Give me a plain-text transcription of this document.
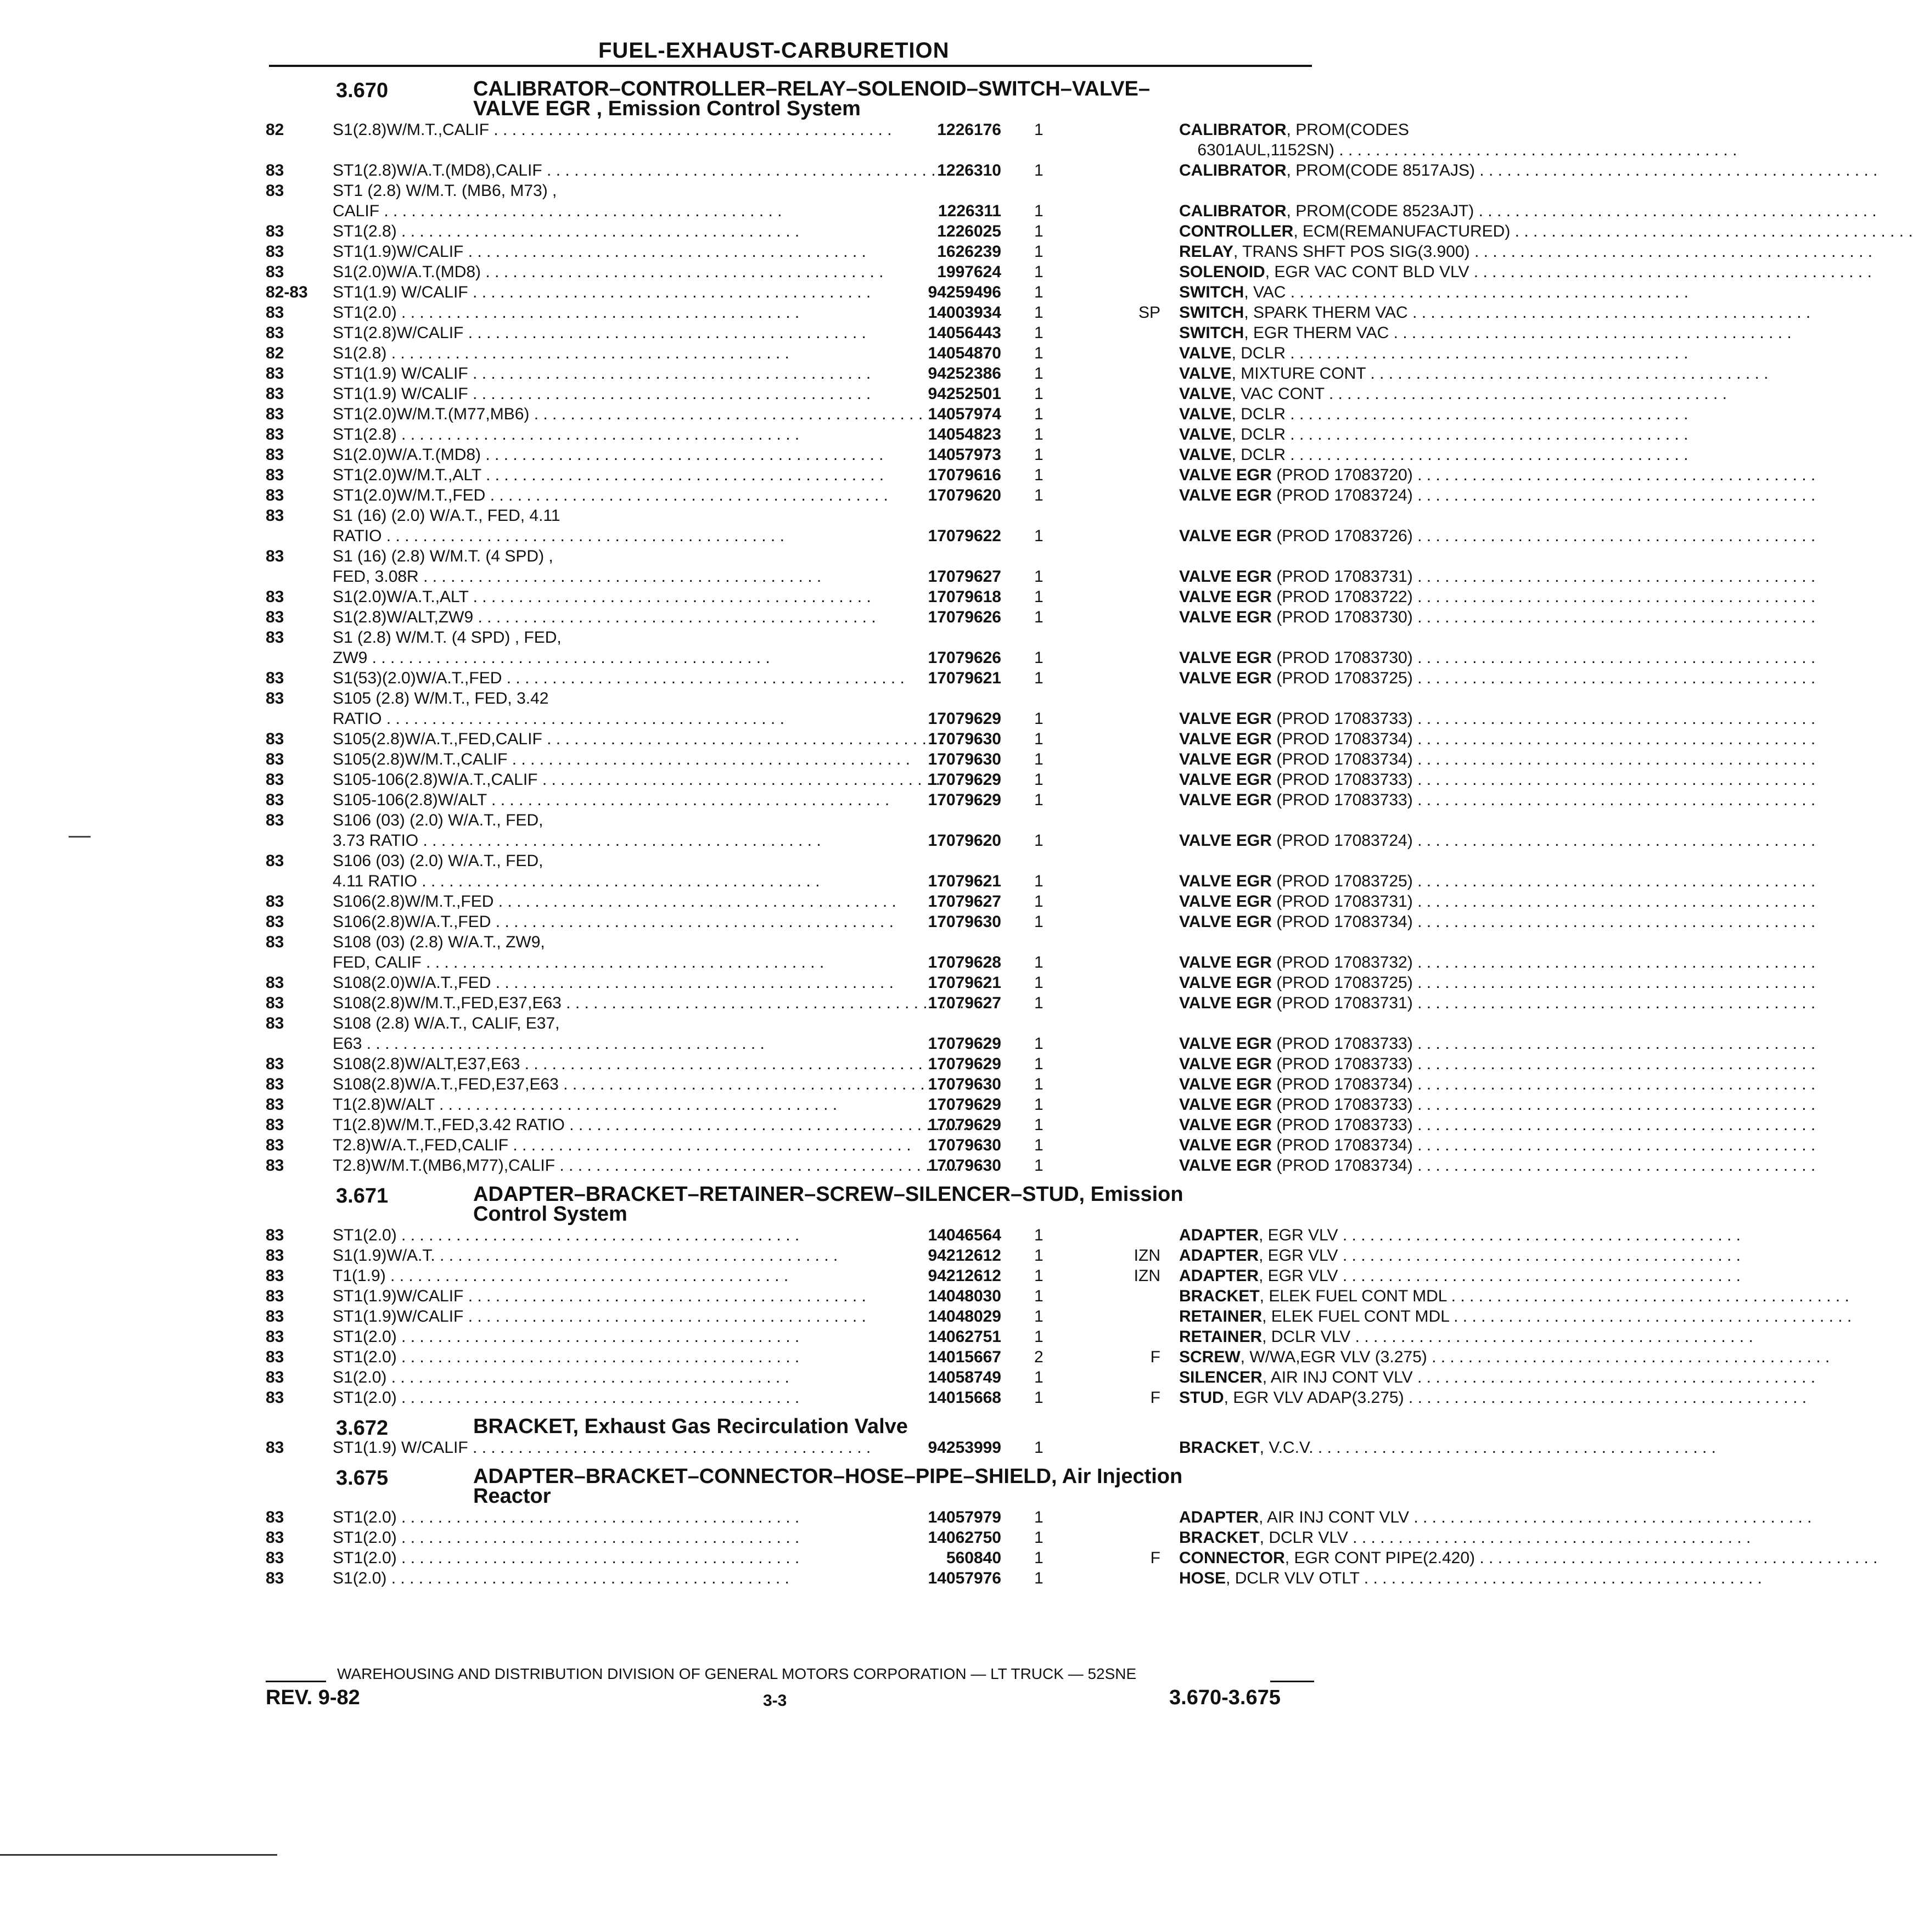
FUEL-EXHAUST-CARBURETION
3.670	CALIBRATOR–CONTROLLER–RELAY–SOLENOID–SWITCH–VALVE–
VALVE EGR , Emission Control System
82	S1(2.8)W/M.T.,CALIF . . .	1226176 1	CALIBRATOR, PROM(CODES
6301AUL,1152SN) . . .
83	ST1(2.8)W/A.T.(MD8),CALIF . . .	1226310 1	CALIBRATOR, PROM(CODE 8517AJS) . . .
83	ST1 (2.8) W/M.T. (MB6, M73) ,
CALIF . . .	1226311 1	CALIBRATOR, PROM(CODE 8523AJT) . . .
83	ST1(2.8) . . .	1226025 1	CONTROLLER, ECM(REMANUFACTURED) . . .
83	ST1(1.9)W/CALIF . . .	1626239 1	RELAY, TRANS SHFT POS SIG(3.900) . . .
83	S1(2.0)W/A.T.(MD8) . . .	1997624 1	SOLENOID, EGR VAC CONT BLD VLV . . .
82-83	ST1(1.9) W/CALIF . . .	94259496 1	SWITCH, VAC . . .
83	ST1(2.0) . . .	14003934 1	SP SWITCH, SPARK THERM VAC . . .
83	ST1(2.8)W/CALIF . . .	14056443 1	SWITCH, EGR THERM VAC . . .
82	S1(2.8) . . .	14054870 1	VALVE, DCLR . . .
83	ST1(1.9) W/CALIF . . .	94252386 1	VALVE, MIXTURE CONT . . .
83	ST1(1.9) W/CALIF . . .	94252501 1	VALVE, VAC CONT . . .
83	ST1(2.0)W/M.T.(M77,MB6) . . .	14057974 1	VALVE, DCLR . . .
83	ST1(2.8) . . .	14054823 1	VALVE, DCLR . . .
83	S1(2.0)W/A.T.(MD8) . . .	14057973 1	VALVE, DCLR . . .
83	ST1(2.0)W/M.T.,ALT . . .	17079616 1	VALVE EGR (PROD 17083720) . . .
83	ST1(2.0)W/M.T.,FED . . .	17079620 1	VALVE EGR (PROD 17083724) . . .
83	S1 (16) (2.0) W/A.T., FED, 4.11
RATIO . . .	17079622 1	VALVE EGR (PROD 17083726) . . .
83	S1 (16) (2.8) W/M.T. (4 SPD) ,
FED, 3.08R . . .	17079627 1	VALVE EGR (PROD 17083731) . . .
83	S1(2.0)W/A.T.,ALT . . .	17079618 1	VALVE EGR (PROD 17083722) . . .
83	S1(2.8)W/ALT,ZW9 . . .	17079626 1	VALVE EGR (PROD 17083730) . . .
83	S1 (2.8) W/M.T. (4 SPD) , FED,
ZW9 . . .	17079626 1	VALVE EGR (PROD 17083730) . . .
83	S1(53)(2.0)W/A.T.,FED . . .	17079621 1	VALVE EGR (PROD 17083725) . . .
83	S105 (2.8) W/M.T., FED, 3.42
RATIO . . .	17079629 1	VALVE EGR (PROD 17083733) . . .
83	S105(2.8)W/A.T.,FED,CALIF . . .	17079630 1	VALVE EGR (PROD 17083734) . . .
83	S105(2.8)W/M.T.,CALIF . . .	17079630 1	VALVE EGR (PROD 17083734) . . .
83	S105-106(2.8)W/A.T.,CALIF . . .	17079629 1	VALVE EGR (PROD 17083733) . . .
83	S105-106(2.8)W/ALT . . .	17079629 1	VALVE EGR (PROD 17083733) . . .
83	S106 (03) (2.0) W/A.T., FED,
3.73 RATIO . . .	17079620 1	VALVE EGR (PROD 17083724) . . .
83	S106 (03) (2.0) W/A.T., FED,
4.11 RATIO . . .	17079621 1	VALVE EGR (PROD 17083725) . . .
83	S106(2.8)W/M.T.,FED . . .	17079627 1	VALVE EGR (PROD 17083731) . . .
83	S106(2.8)W/A.T.,FED . . .	17079630 1	VALVE EGR (PROD 17083734) . . .
83	S108 (03) (2.8) W/A.T., ZW9,
FED, CALIF . . .	17079628 1	VALVE EGR (PROD 17083732) . . .
83	S108(2.0)W/A.T.,FED . . .	17079621 1	VALVE EGR (PROD 17083725) . . .
83	S108(2.8)W/M.T.,FED,E37,E63 . . .	17079627 1	VALVE EGR (PROD 17083731) . . .
83	S108 (2.8) W/A.T., CALIF, E37,
E63 . . .	17079629 1	VALVE EGR (PROD 17083733) . . .
83	S108(2.8)W/ALT,E37,E63 . . .	17079629 1	VALVE EGR (PROD 17083733) . . .
83	S108(2.8)W/A.T.,FED,E37,E63 . . .	17079630 1	VALVE EGR (PROD 17083734) . . .
83	T1(2.8)W/ALT . . .	17079629 1	VALVE EGR (PROD 17083733) . . .
83	T1(2.8)W/M.T.,FED,3.42 RATIO . . .	17079629 1	VALVE EGR (PROD 17083733) . . .
83	T2.8)W/A.T.,FED,CALIF . . .	17079630 1	VALVE EGR (PROD 17083734) . . .
83	T2.8)W/M.T.(MB6,M77),CALIF . . .	17079630 1	VALVE EGR (PROD 17083734) . . .
3.671	ADAPTER–BRACKET–RETAINER–SCREW–SILENCER–STUD, Emission
Control System
83	ST1(2.0) . . .	14046564 1	ADAPTER, EGR VLV . . .
83	S1(1.9)W/A.T. . . .	94212612 1	IZN ADAPTER, EGR VLV . . .
83	T1(1.9) . . .	94212612 1	IZN ADAPTER, EGR VLV . . .
83	ST1(1.9)W/CALIF . . .	14048030 1	BRACKET, ELEK FUEL CONT MDL . . .
83	ST1(1.9)W/CALIF . . .	14048029 1	RETAINER, ELEK FUEL CONT MDL . . .
83	ST1(2.0) . . .	14062751 1	RETAINER, DCLR VLV . . .
83	ST1(2.0) . . .	14015667 2	F SCREW, W/WA,EGR VLV (3.275) . . .
83	S1(2.0) . . .	14058749 1	SILENCER, AIR INJ CONT VLV . . .
83	ST1(2.0) . . .	14015668 1	F STUD, EGR VLV ADAP(3.275) . . .
3.672	BRACKET, Exhaust Gas Recirculation Valve
83	ST1(1.9) W/CALIF . . .	94253999 1	BRACKET, V.C.V. . . .
3.675	ADAPTER–BRACKET–CONNECTOR–HOSE–PIPE–SHIELD, Air Injection
Reactor
83	ST1(2.0) . . .	14057979 1	ADAPTER, AIR INJ CONT VLV . . .
83	ST1(2.0) . . .	14062750 1	BRACKET, DCLR VLV . . .
83	ST1(2.0) . . .	560840 1	F CONNECTOR, EGR CONT PIPE(2.420) . . .
83	S1(2.0) . . .	14057976 1	HOSE, DCLR VLV OTLT . . .
WAREHOUSING AND DISTRIBUTION DIVISION OF GENERAL MOTORS CORPORATION — LT TRUCK — 52SNE
REV. 9-82	3-3	3.670-3.675
